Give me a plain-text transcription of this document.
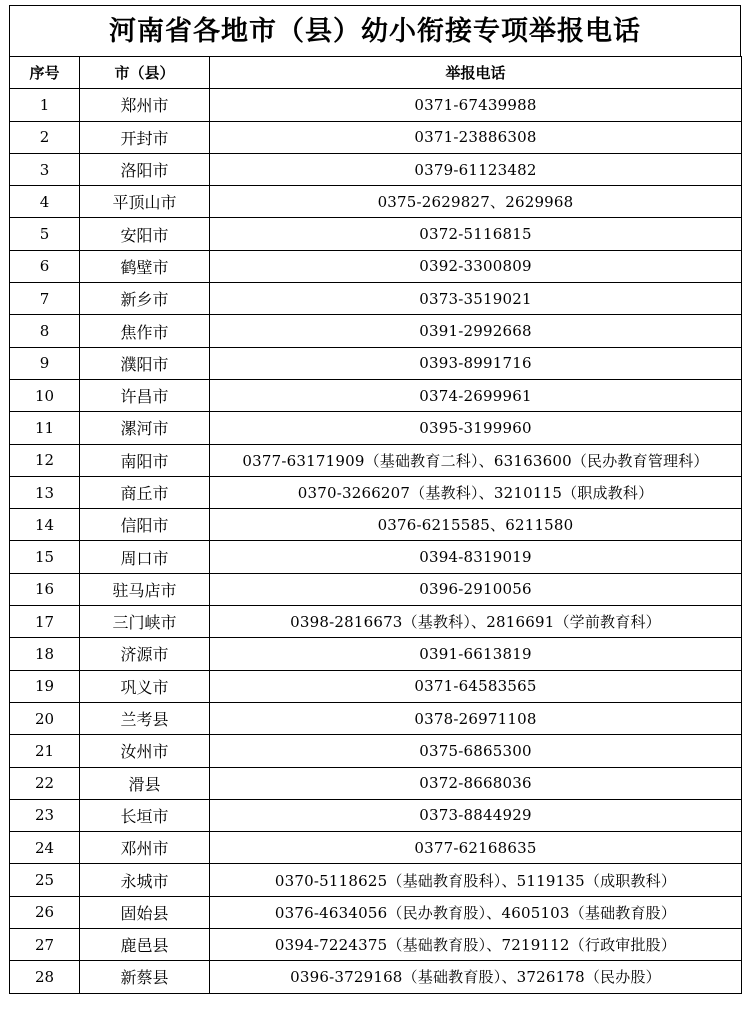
河南省各地市（县）幼小衔接专项举报电话
序号	市（县）	举报电话
1	郑州市	0371-67439988
2	开封市	0371-23886308
3	洛阳市	0379-61123482
4	平顶山市	0375-2629827、2629968
5	安阳市	0372-5116815
6	鹤壁市	0392-3300809
7	新乡市	0373-3519021
8	焦作市	0391-2992668
9	濮阳市	0393-8991716
10	许昌市	0374-2699961
11	漯河市	0395-3199960
12	南阳市	0377-63171909（基础教育二科）、63163600（民办教育管理科）
13	商丘市	0370-3266207（基教科）、3210115（职成教科）
14	信阳市	0376-6215585、6211580
15	周口市	0394-8319019
16	驻马店市	0396-2910056
17	三门峡市	0398-2816673（基教科）、2816691（学前教育科）
18	济源市	0391-6613819
19	巩义市	0371-64583565
20	兰考县	0378-26971108
21	汝州市	0375-6865300
22	滑县	0372-8668036
23	长垣市	0373-8844929
24	邓州市	0377-62168635
25	永城市	0370-5118625（基础教育股科）、5119135（成职教科）
26	固始县	0376-4634056（民办教育股）、4605103（基础教育股）
27	鹿邑县	0394-7224375（基础教育股）、7219112（行政审批股）
28	新蔡县	0396-3729168（基础教育股）、3726178（民办股）
